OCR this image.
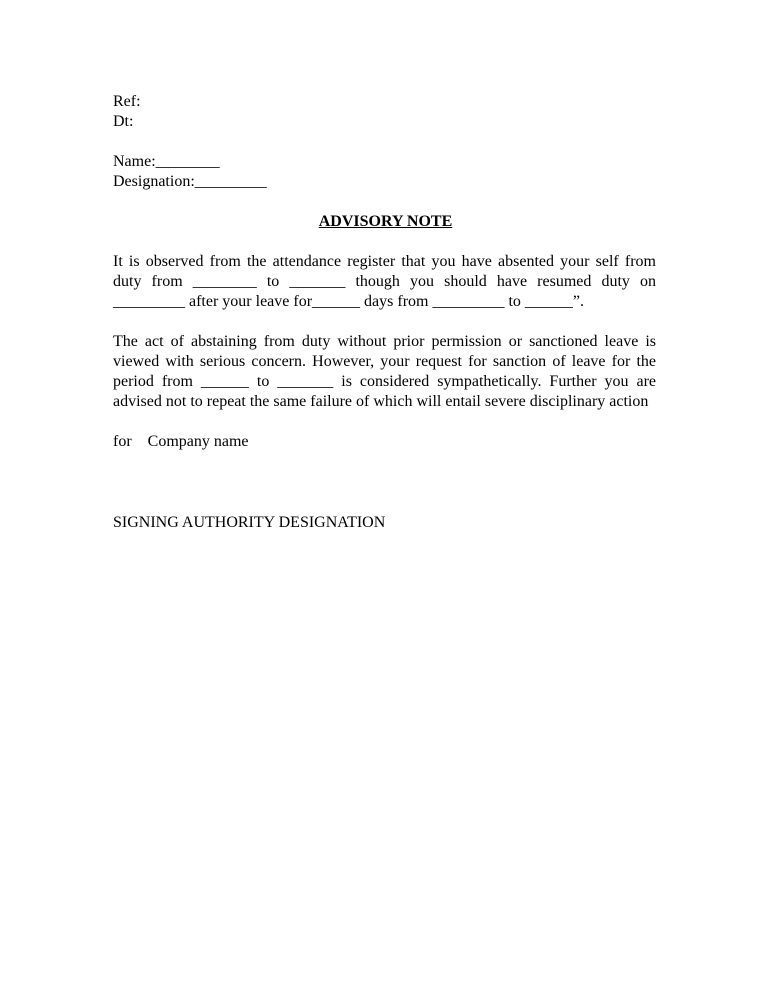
Ref:
Dt:
Name:________
Designation:_________
ADVISORY NOTE
It is observed from the attendance register that you have absented your self from duty from ________ to _______ though you should have resumed duty on _________ after your leave for______ days from _________ to ______”.
The act of abstaining from duty without prior permission or sanctioned leave is viewed with serious concern. However, your request for sanction of leave for the period from ______ to _______ is considered sympathetically. Further you are advised not to repeat the same failure of which will entail severe disciplinary action
for    Company name
SIGNING AUTHORITY DESIGNATION
